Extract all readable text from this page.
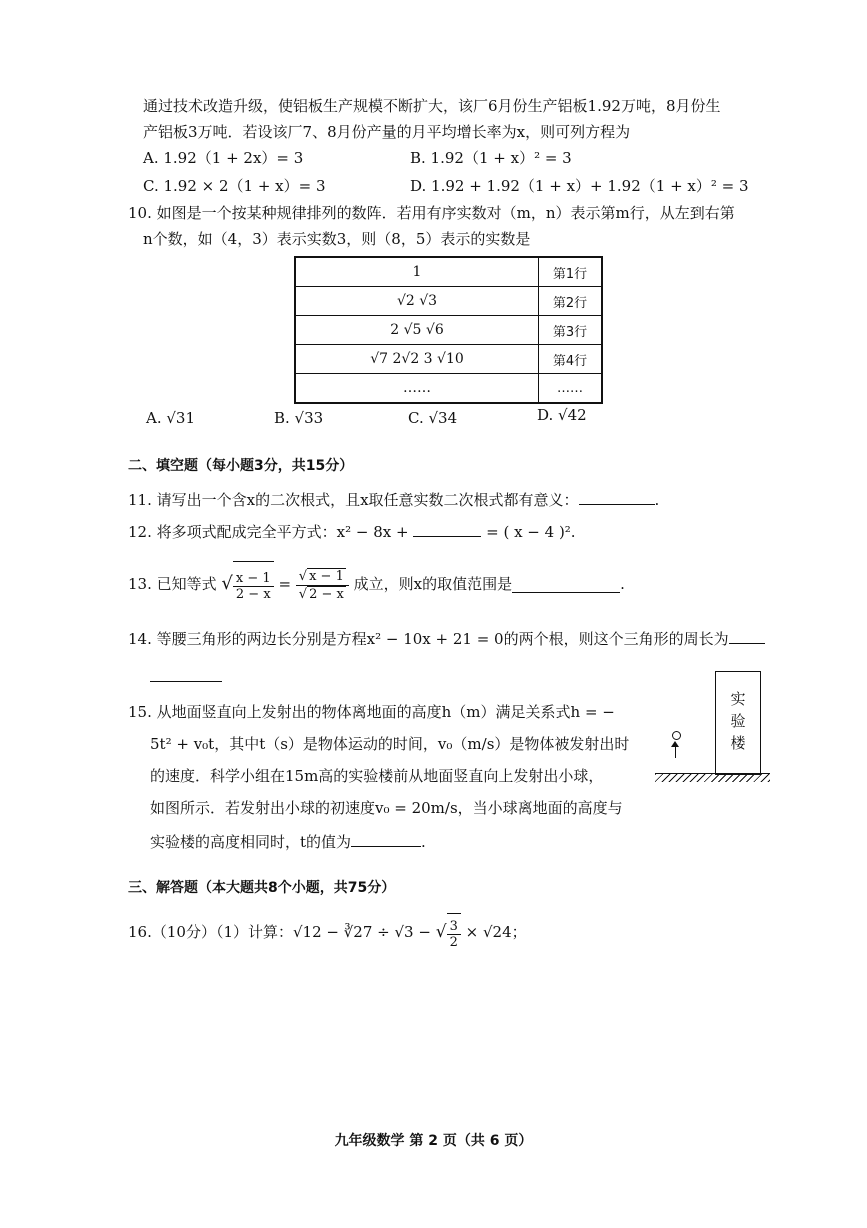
通过技术改造升级，使铝板生产规模不断扩大，该厂6月份生产铝板1.92万吨，8月份生
产铝板3万吨．若设该厂7、8月份产量的月平均增长率为x，则可列方程为
A. 1.92（1 + 2x）= 3	B. 1.92（1 + x）² = 3
C. 1.92 × 2（1 + x）= 3	D. 1.92 + 1.92（1 + x）+ 1.92（1 + x）² = 3
10. 如图是一个按某种规律排列的数阵．若用有序实数对（m，n）表示第m行，从左到右第
n个数，如（4，3）表示实数3，则（8，5）表示的实数是
1	第1行
√2 √3	第2行
2 √5 √6	第3行
√7 2√2 3 √10	第4行
……	……
A. √31	B. √33	C. √34	D. √42
二、填空题（每小题3分，共15分）
11. 请写出一个含x的二次根式，且x取任意实数二次根式都有意义：	.
12. 将多项式配成完全平方式：x² − 8x +	= ( x − 4 )².
13. 已知等式 √ $\frac{x - 1}{2 - x} = \frac{√ x - 1}{√ 2 - x}$ 成立，则x的取值范围是	.
14. 等腰三角形的两边长分别是方程x² − 10x + 21 = 0的两个根，则这个三角形的周长为
15. 从地面竖直向上发射出的物体离地面的高度h（m）满足关系式h = −
5t² + v₀t，其中t（s）是物体运动的时间，v₀（m/s）是物体被发射出时
的速度．科学小组在15m高的实验楼前从地面竖直向上发射出小球，
如图所示．若发射出小球的初速度v₀ = 20m/s，当小球离地面的高度与
实验楼的高度相同时，t的值为	.
实
验
楼
三、解答题（本大题共8个小题，共75分）
16.（10分）（1）计算：√12 − ∛27 ÷ √3 − √ $\frac{3}{2} \times √24$；
九年级数学 第 2 页（共 6 页）
